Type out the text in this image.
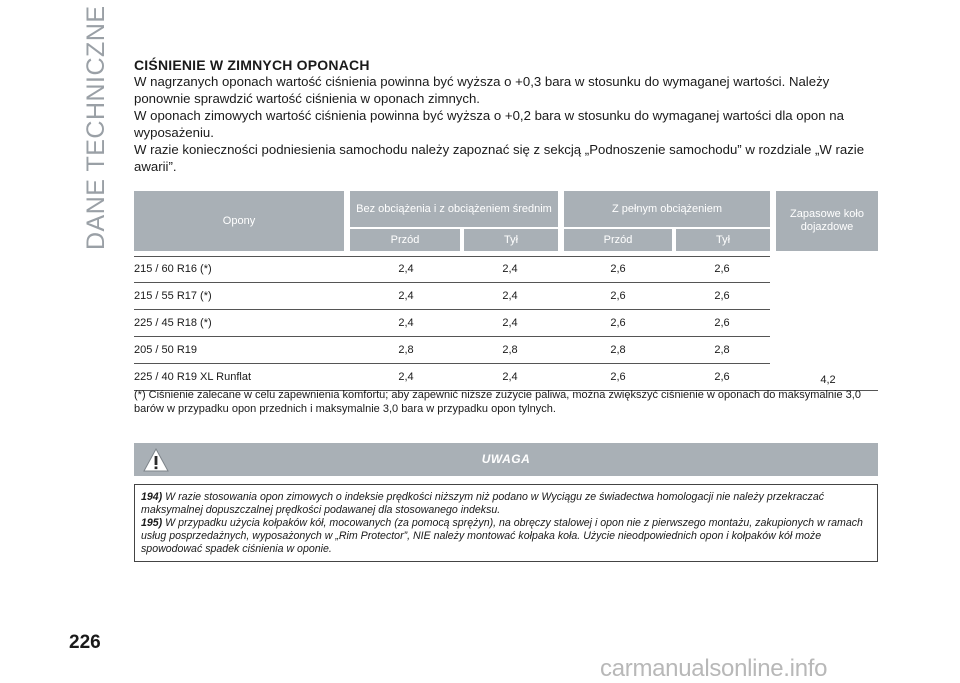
DANE TECHNICZNE CIŚNIENIE W ZIMNYCH OPONACH

W nagrzanych oponach wartość ciśnienia powinna być wyższa o +0,3 bara w stosunku do wymaganej wartości. Należy ponownie sprawdzić wartość ciśnienia w oponach zimnych.

W oponach zimowych wartość ciśnienia powinna być wyższa o +0,2 bara w stosunku do wymaganej wartości dla opon na wyposażeniu.

W razie konieczności podniesienia samochodu należy zapoznać się z sekcją „Podnoszenie samochodu” w rozdziale „W razie awarii”.

Opony
Bez obciążenia i z obciążeniem średnim
Przód	Tył
Z pełnym obciążeniem
Przód	Tył
Zapasowe koło dojazdowe
215 / 60 R16 (*)	2,4	2,4	2,6	2,6
215 / 55 R17 (*)	2,4	2,4	2,6	2,6
225 / 45 R18 (*)	2,4	2,4	2,6	2,6
205 / 50 R19	2,8	2,8	2,8	2,8
225 / 40 R19 XL Runflat	2,4	2,4	2,6	2,6	4,2
(*) Ciśnienie zalecane w celu zapewnienia komfortu; aby zapewnić niższe zużycie paliwa, można zwiększyć ciśnienie w oponach do maksymalnie 3,0 barów w przypadku opon przednich i maksymalnie 3,0 bara w przypadku opon tylnych.
UWAGA

194) W razie stosowania opon zimowych o indeksie prędkości niższym niż podano w Wyciągu ze świadectwa homologacji nie należy przekraczać maksymalnej dopuszczalnej prędkości podawanej dla stosowanego indeksu.

195) W przypadku użycia kołpaków kół, mocowanych (za pomocą sprężyn), na obręczy stalowej i opon nie z pierwszego montażu, zakupionych w ramach usług posprzedażnych, wyposażonych w „Rim Protector”, NIE należy montować kołpaka koła. Użycie nieodpowiednich opon i kołpaków kół może spowodować spadek ciśnienia w oponie.

226
carmanualsonline.info
